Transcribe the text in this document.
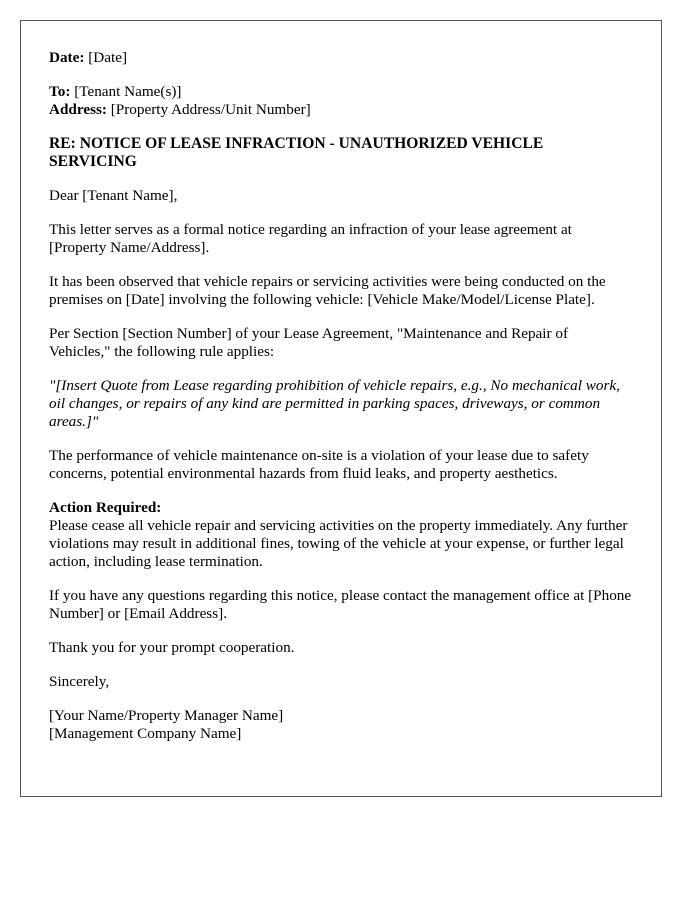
Date: [Date]

To: [Tenant Name(s)]
Address: [Property Address/Unit Number]

RE: NOTICE OF LEASE INFRACTION - UNAUTHORIZED VEHICLE SERVICING

Dear [Tenant Name],

This letter serves as a formal notice regarding an infraction of your lease agreement at [Property Name/Address].

It has been observed that vehicle repairs or servicing activities were being conducted on the premises on [Date] involving the following vehicle: [Vehicle Make/Model/License Plate].

Per Section [Section Number] of your Lease Agreement, "Maintenance and Repair of Vehicles," the following rule applies:

"[Insert Quote from Lease regarding prohibition of vehicle repairs, e.g., No mechanical work, oil changes, or repairs of any kind are permitted in parking spaces, driveways, or common areas.]"

The performance of vehicle maintenance on-site is a violation of your lease due to safety concerns, potential environmental hazards from fluid leaks, and property aesthetics.

Action Required:
Please cease all vehicle repair and servicing activities on the property immediately. Any further violations may result in additional fines, towing of the vehicle at your expense, or further legal action, including lease termination.

If you have any questions regarding this notice, please contact the management office at [Phone Number] or [Email Address].

Thank you for your prompt cooperation.

Sincerely,

[Your Name/Property Manager Name]
[Management Company Name]
